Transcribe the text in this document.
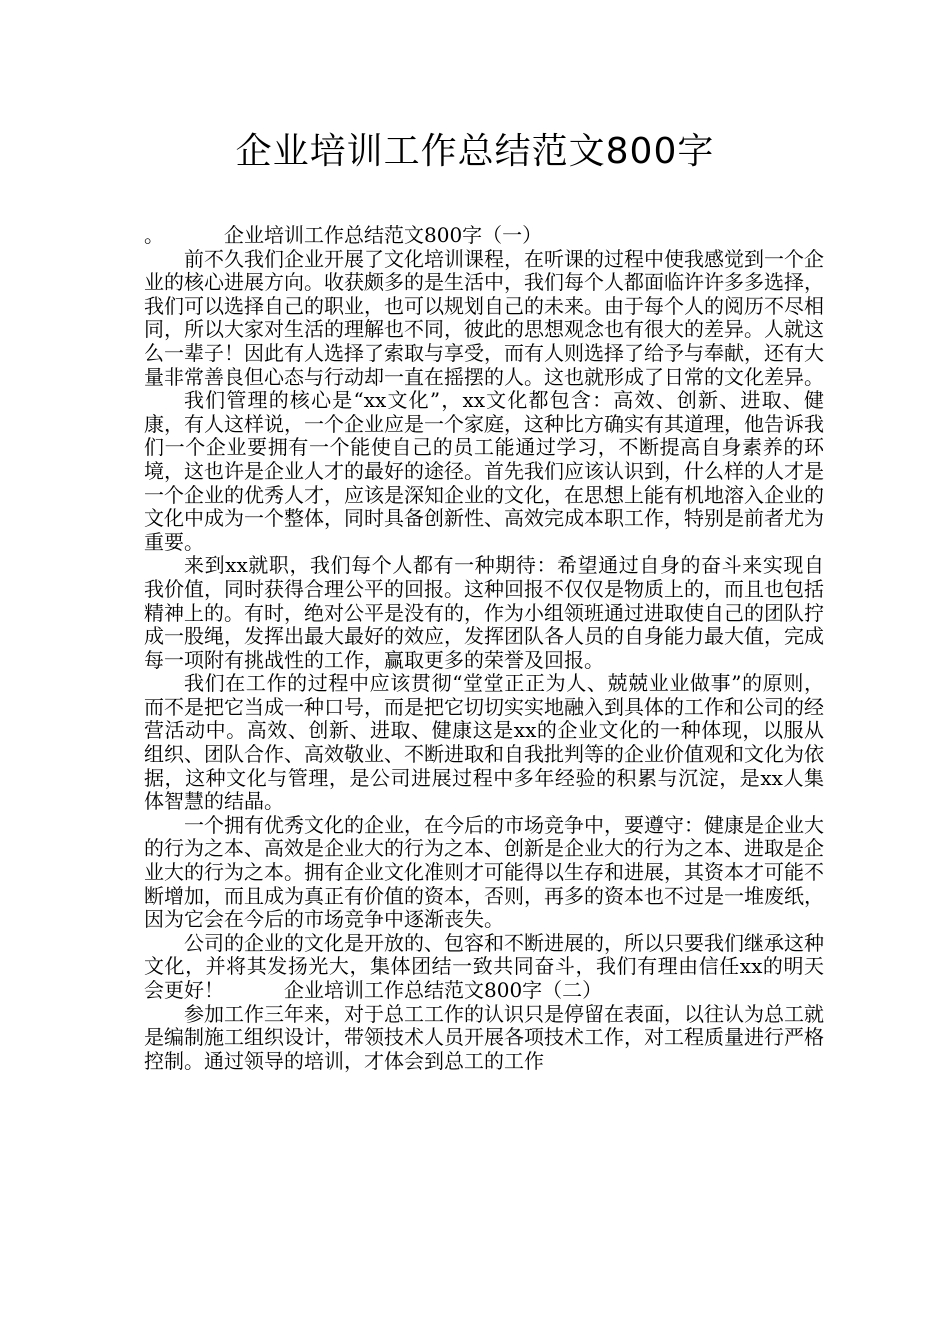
企业培训工作总结范文800字

。	企业培训工作总结范文800字（一）

前不久我们企业开展了文化培训课程，在听课的过程中使我感觉到一个企业的核心进展方向。收获颇多的是生活中，我们每个人都面临许许多多选择，我们可以选择自己的职业，也可以规划自己的未来。由于每个人的阅历不尽相同，所以大家对生活的理解也不同，彼此的思想观念也有很大的差异。人就这么一辈子！因此有人选择了索取与享受，而有人则选择了给予与奉献，还有大量非常善良但心态与行动却一直在摇摆的人。这也就形成了日常的文化差异。

我们管理的核心是“xx文化”，xx文化都包含：高效、创新、进取、健康，有人这样说，一个企业应是一个家庭，这种比方确实有其道理，他告诉我们一个企业要拥有一个能使自己的员工能通过学习，不断提高自身素养的环境，这也许是企业人才的最好的途径。首先我们应该认识到，什么样的人才是一个企业的优秀人才，应该是深知企业的文化，在思想上能有机地溶入企业的文化中成为一个整体，同时具备创新性、高效完成本职工作，特别是前者尤为重要。

来到xx就职，我们每个人都有一种期待：希望通过自身的奋斗来实现自我价值，同时获得合理公平的回报。这种回报不仅仅是物质上的，而且也包括精神上的。有时，绝对公平是没有的，作为小组领班通过进取使自己的团队拧成一股绳，发挥出最大最好的效应，发挥团队各人员的自身能力最大值，完成每一项附有挑战性的工作，赢取更多的荣誉及回报。

我们在工作的过程中应该贯彻“堂堂正正为人、兢兢业业做事”的原则，而不是把它当成一种口号，而是把它切切实实地融入到具体的工作和公司的经营活动中。高效、创新、进取、健康这是xx的企业文化的一种体现，以服从组织、团队合作、高效敬业、不断进取和自我批判等的企业价值观和文化为依据，这种文化与管理，是公司进展过程中多年经验的积累与沉淀，是xx人集体智慧的结晶。

一个拥有优秀文化的企业，在今后的市场竞争中，要遵守：健康是企业大的行为之本、高效是企业大的行为之本、创新是企业大的行为之本、进取是企业大的行为之本。拥有企业文化准则才可能得以生存和进展，其资本才可能不断增加，而且成为真正有价值的资本，否则，再多的资本也不过是一堆废纸，因为它会在今后的市场竞争中逐渐丧失。

公司的企业的文化是开放的、包容和不断进展的，所以只要我们继承这种文化，并将其发扬光大，集体团结一致共同奋斗，我们有理由信任xx的明天会更好！	企业培训工作总结范文800字（二）

参加工作三年来，对于总工工作的认识只是停留在表面，以往认为总工就是编制施工组织设计，带领技术人员开展各项技术工作，对工程质量进行严格控制。通过领导的培训，才体会到总工的工作
